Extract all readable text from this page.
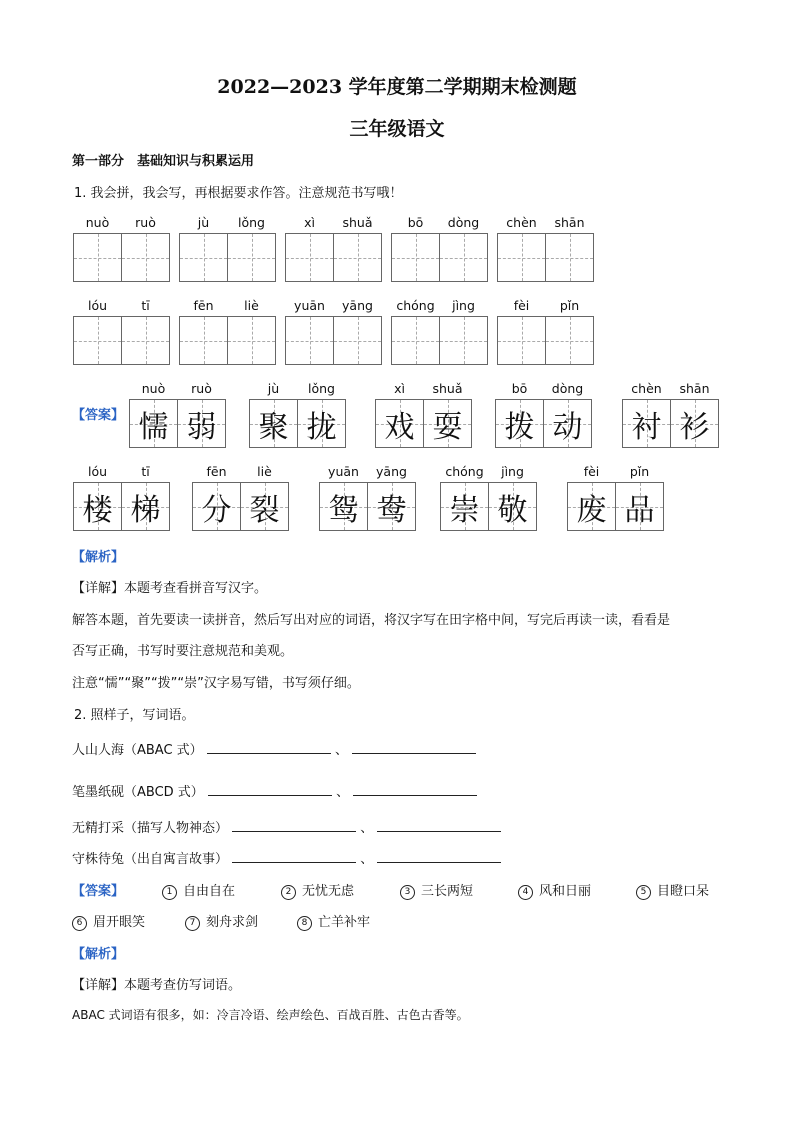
2022—2023 学年度第二学期期末检测题
三年级语文
第一部分　基础知识与积累运用
1. 我会拼，我会写，再根据要求作答。注意规范书写哦！
nuò	ruò	jù	lǒng	xì	shuǎ	bō	dòng	chèn	shān
lóu	tī	fēn	liè	yuān	yāng	chóng	jìng	fèi	pǐn
【答案】
nuò	ruò	jù	lǒng	xì	shuǎ	bō	dòng	chèn	shān
懦 弱 聚 拢 戏 耍 拨 动 衬 衫
lóu	tī	fēn	liè	yuān	yāng	chóng	jìng	fèi	pǐn
楼 梯 分 裂 鸳 鸯 崇 敬 废 品
【解析】
【详解】本题考查看拼音写汉字。
解答本题，首先要读一读拼音，然后写出对应的词语，将汉字写在田字格中间，写完后再读一读，看看是
否写正确，书写时要注意规范和美观。
注意“懦”“聚”“拨”“崇”汉字易写错，书写须仔细。
2. 照样子，写词语。
人山人海（ABAC 式）	、
笔墨纸砚（ABCD 式）	、
无精打采（描写人物神态）	、
守株待兔（出自寓言故事）	、
【答案】	1 自由自在	2 无忧无虑	3 三长两短	4 风和日丽	5 目瞪口呆
6 眉开眼笑	7 刻舟求剑	8 亡羊补牢
【解析】
【详解】本题考查仿写词语。
ABAC 式词语有很多，如：冷言冷语、绘声绘色、百战百胜、古色古香等。
